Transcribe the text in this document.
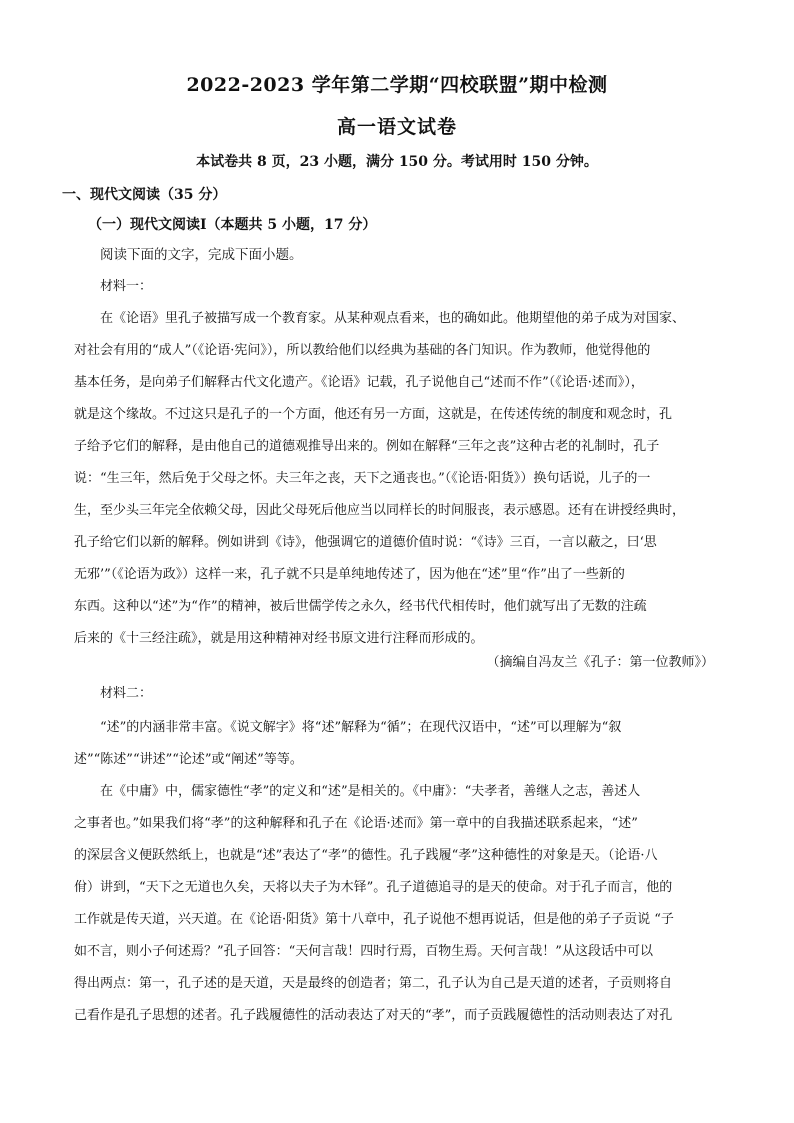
2022-2023 学年第二学期“四校联盟”期中检测
高一语文试卷
本试卷共 8 页，23 小题，满分 150 分。考试用时 150 分钟。
一、现代文阅读（35 分）
（一）现代文阅读Ⅰ（本题共 5 小题，17 分）
阅读下面的文字，完成下面小题。
材料一：
在《论语》里孔子被描写成一个教育家。从某种观点看来，也的确如此。他期望他的弟子成为对国家、
对社会有用的“成人”（《论语·宪问》），所以教给他们以经典为基础的各门知识。作为教师，他觉得他的
基本任务，是向弟子们解释古代文化遗产。《论语》记载，孔子说他自己“述而不作”（《论语·述而》），
就是这个缘故。不过这只是孔子的一个方面，他还有另一方面，这就是，在传述传统的制度和观念时，孔
子给予它们的解释，是由他自己的道德观推导出来的。例如在解释“三年之丧”这种古老的礼制时，孔子
说：“生三年，然后免于父母之怀。夫三年之丧，天下之通丧也。”（《论语·阳货》）换句话说，儿子的一
生，至少头三年完全依赖父母，因此父母死后他应当以同样长的时间服丧，表示感恩。还有在讲授经典时，
孔子给它们以新的解释。例如讲到《诗》，他强调它的道德价值时说：“《诗》三百，一言以蔽之，曰‘思
无邪’”（《论语为政》）这样一来，孔子就不只是单纯地传述了，因为他在“述”里“作”出了一些新的
东西。这种以“述”为“作”的精神，被后世儒学传之永久，经书代代相传时，他们就写出了无数的注疏
后来的《十三经注疏》，就是用这种精神对经书原文进行注释而形成的。
（摘编自冯友兰《孔子：第一位教师》）
材料二：
“述”的内涵非常丰富。《说文解字》将“述”解释为“循”；在现代汉语中，“述”可以理解为“叙
述”“陈述”“讲述”“论述”或“阐述”等等。
在《中庸》中，儒家德性“孝”的定义和“述”是相关的。《中庸》：“夫孝者，善继人之志，善述人
之事者也。”如果我们将“孝”的这种解释和孔子在《论语·述而》第一章中的自我描述联系起来，“述”
的深层含义便跃然纸上，也就是“述”表达了“孝”的德性。孔子践履“孝”这种德性的对象是天。（论语·八
佾）讲到，“天下之无道也久矣，天将以夫子为木铎”。孔子道德追寻的是天的使命。对于孔子而言，他的
工作就是传天道，兴天道。在《论语·阳货》第十八章中，孔子说他不想再说话，但是他的弟子子贡说 “子
如不言，则小子何述焉？”孔子回答：“天何言哉！四时行焉，百物生焉。天何言哉！”从这段话中可以
得出两点：第一，孔子述的是天道，天是最终的创造者；第二，孔子认为自己是天道的述者，子贡则将自
己看作是孔子思想的述者。孔子践履德性的活动表达了对天的“孝”，而子贡践履德性的活动则表达了对孔
